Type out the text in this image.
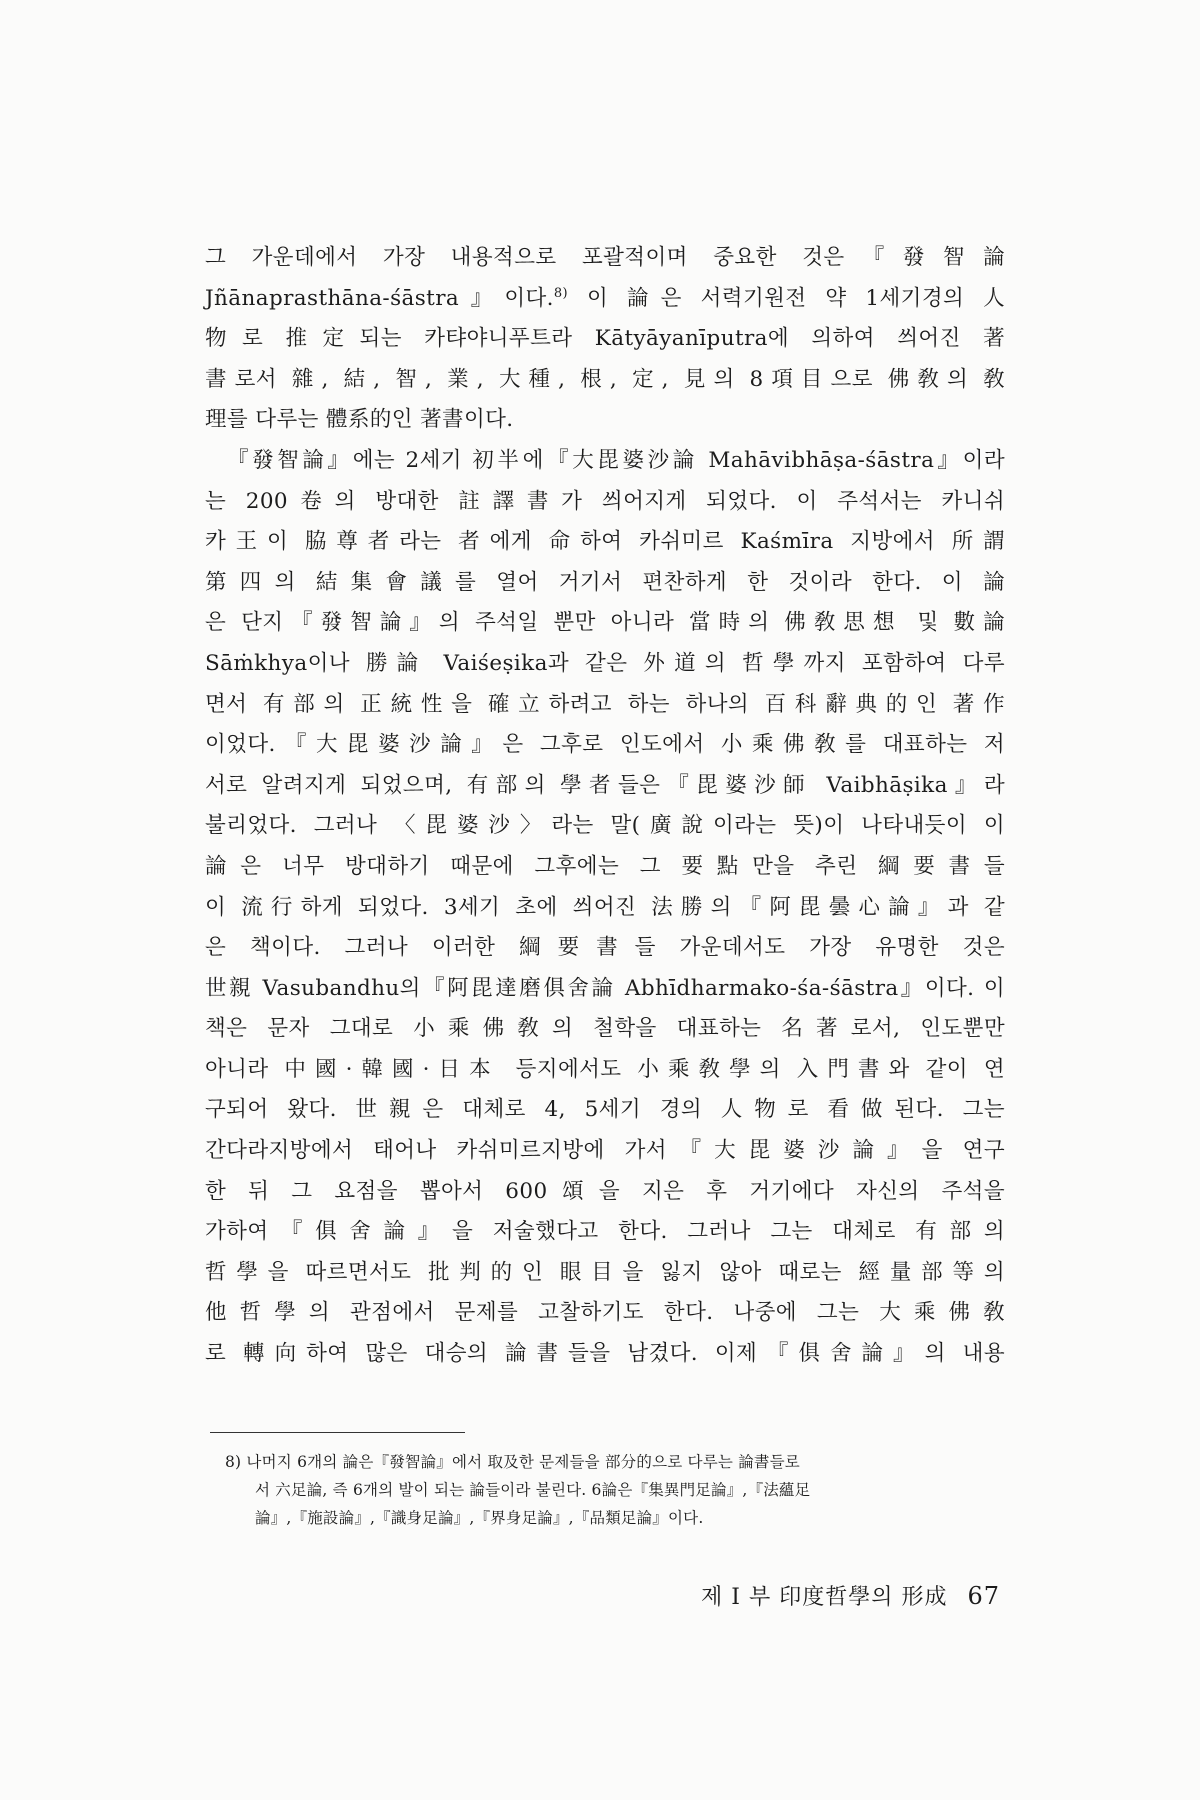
그 가운데에서 가장 내용적으로 포괄적이며 중요한 것은『發智論
Jñānaprasthāna-śāstra』이다.$^{8)}$ 이 論은 서력기원전 약 1세기경의 人
物로 推定되는 카탸야니푸트라 Kātyāyanīputra에 의하여 씌어진 著
書로서 雜, 結, 智, 業, 大種, 根, 定, 見의 8項目으로 佛敎의 敎
理를 다루는 體系的인 著書이다.
『發智論』에는 2세기 初半에『大毘婆沙論 Mahāvibhāṣa-śāstra』이라
는 200卷의 방대한 註譯書가 씌어지게 되었다. 이 주석서는 카니쉬
카王이 脇尊者라는 者에게 命하여 카쉬미르 Kaśmīra 지방에서 所謂
第四의 結集會議를 열어 거기서 편찬하게 한 것이라 한다. 이 論
은 단지『發智論』의 주석일 뿐만 아니라 當時의 佛敎思想 및 數論
Sāṁkhya이나 勝論 Vaiśeṣika과 같은 外道의 哲學까지 포함하여 다루
면서 有部의 正統性을 確立하려고 하는 하나의 百科辭典的인 著作
이었다.『大毘婆沙論』은 그후로 인도에서 小乘佛敎를 대표하는 저
서로 알려지게 되었으며, 有部의 學者들은『毘婆沙師 Vaibhāṣika』라
불리었다. 그러나 〈毘婆沙〉라는 말(廣說이라는 뜻)이 나타내듯이 이
論은 너무 방대하기 때문에 그후에는 그 要點만을 추린 綱要書들
이 流行하게 되었다. 3세기 초에 씌어진 法勝의『阿毘曇心論』과 같
은 책이다. 그러나 이러한 綱要書들 가운데서도 가장 유명한 것은
世親 Vasubandhu의『阿毘達磨俱舍論 Abhīdharmako-śa-śāstra』이다. 이
책은 문자 그대로 小乘佛敎의 철학을 대표하는 名著로서, 인도뿐만
아니라 中國·韓國·日本 등지에서도 小乘敎學의 入門書와 같이 연
구되어 왔다. 世親은 대체로 4, 5세기 경의 人物로 看做된다. 그는
간다라지방에서 태어나 카쉬미르지방에 가서『大毘婆沙論』을 연구
한 뒤 그 요점을 뽑아서 600頌을 지은 후 거기에다 자신의 주석을
가하여『俱舍論』을 저술했다고 한다. 그러나 그는 대체로 有部의
哲學을 따르면서도 批判的인 眼目을 잃지 않아 때로는 經量部等의
他哲學의 관점에서 문제를 고찰하기도 한다. 나중에 그는 大乘佛敎
로 轉向하여 많은 대승의 論書들을 남겼다. 이제『俱舍論』의 내용
8) 나머지 6개의 論은『發智論』에서 取及한 문제들을 部分的으로 다루는 論書들로
서 六足論, 즉 6개의 발이 되는 論들이라 불린다. 6論은『集異門足論』,『法蘊足
論』,『施設論』,『識身足論』,『界身足論』,『品類足論』이다.
제 I 부 印度哲學의 形成 67
